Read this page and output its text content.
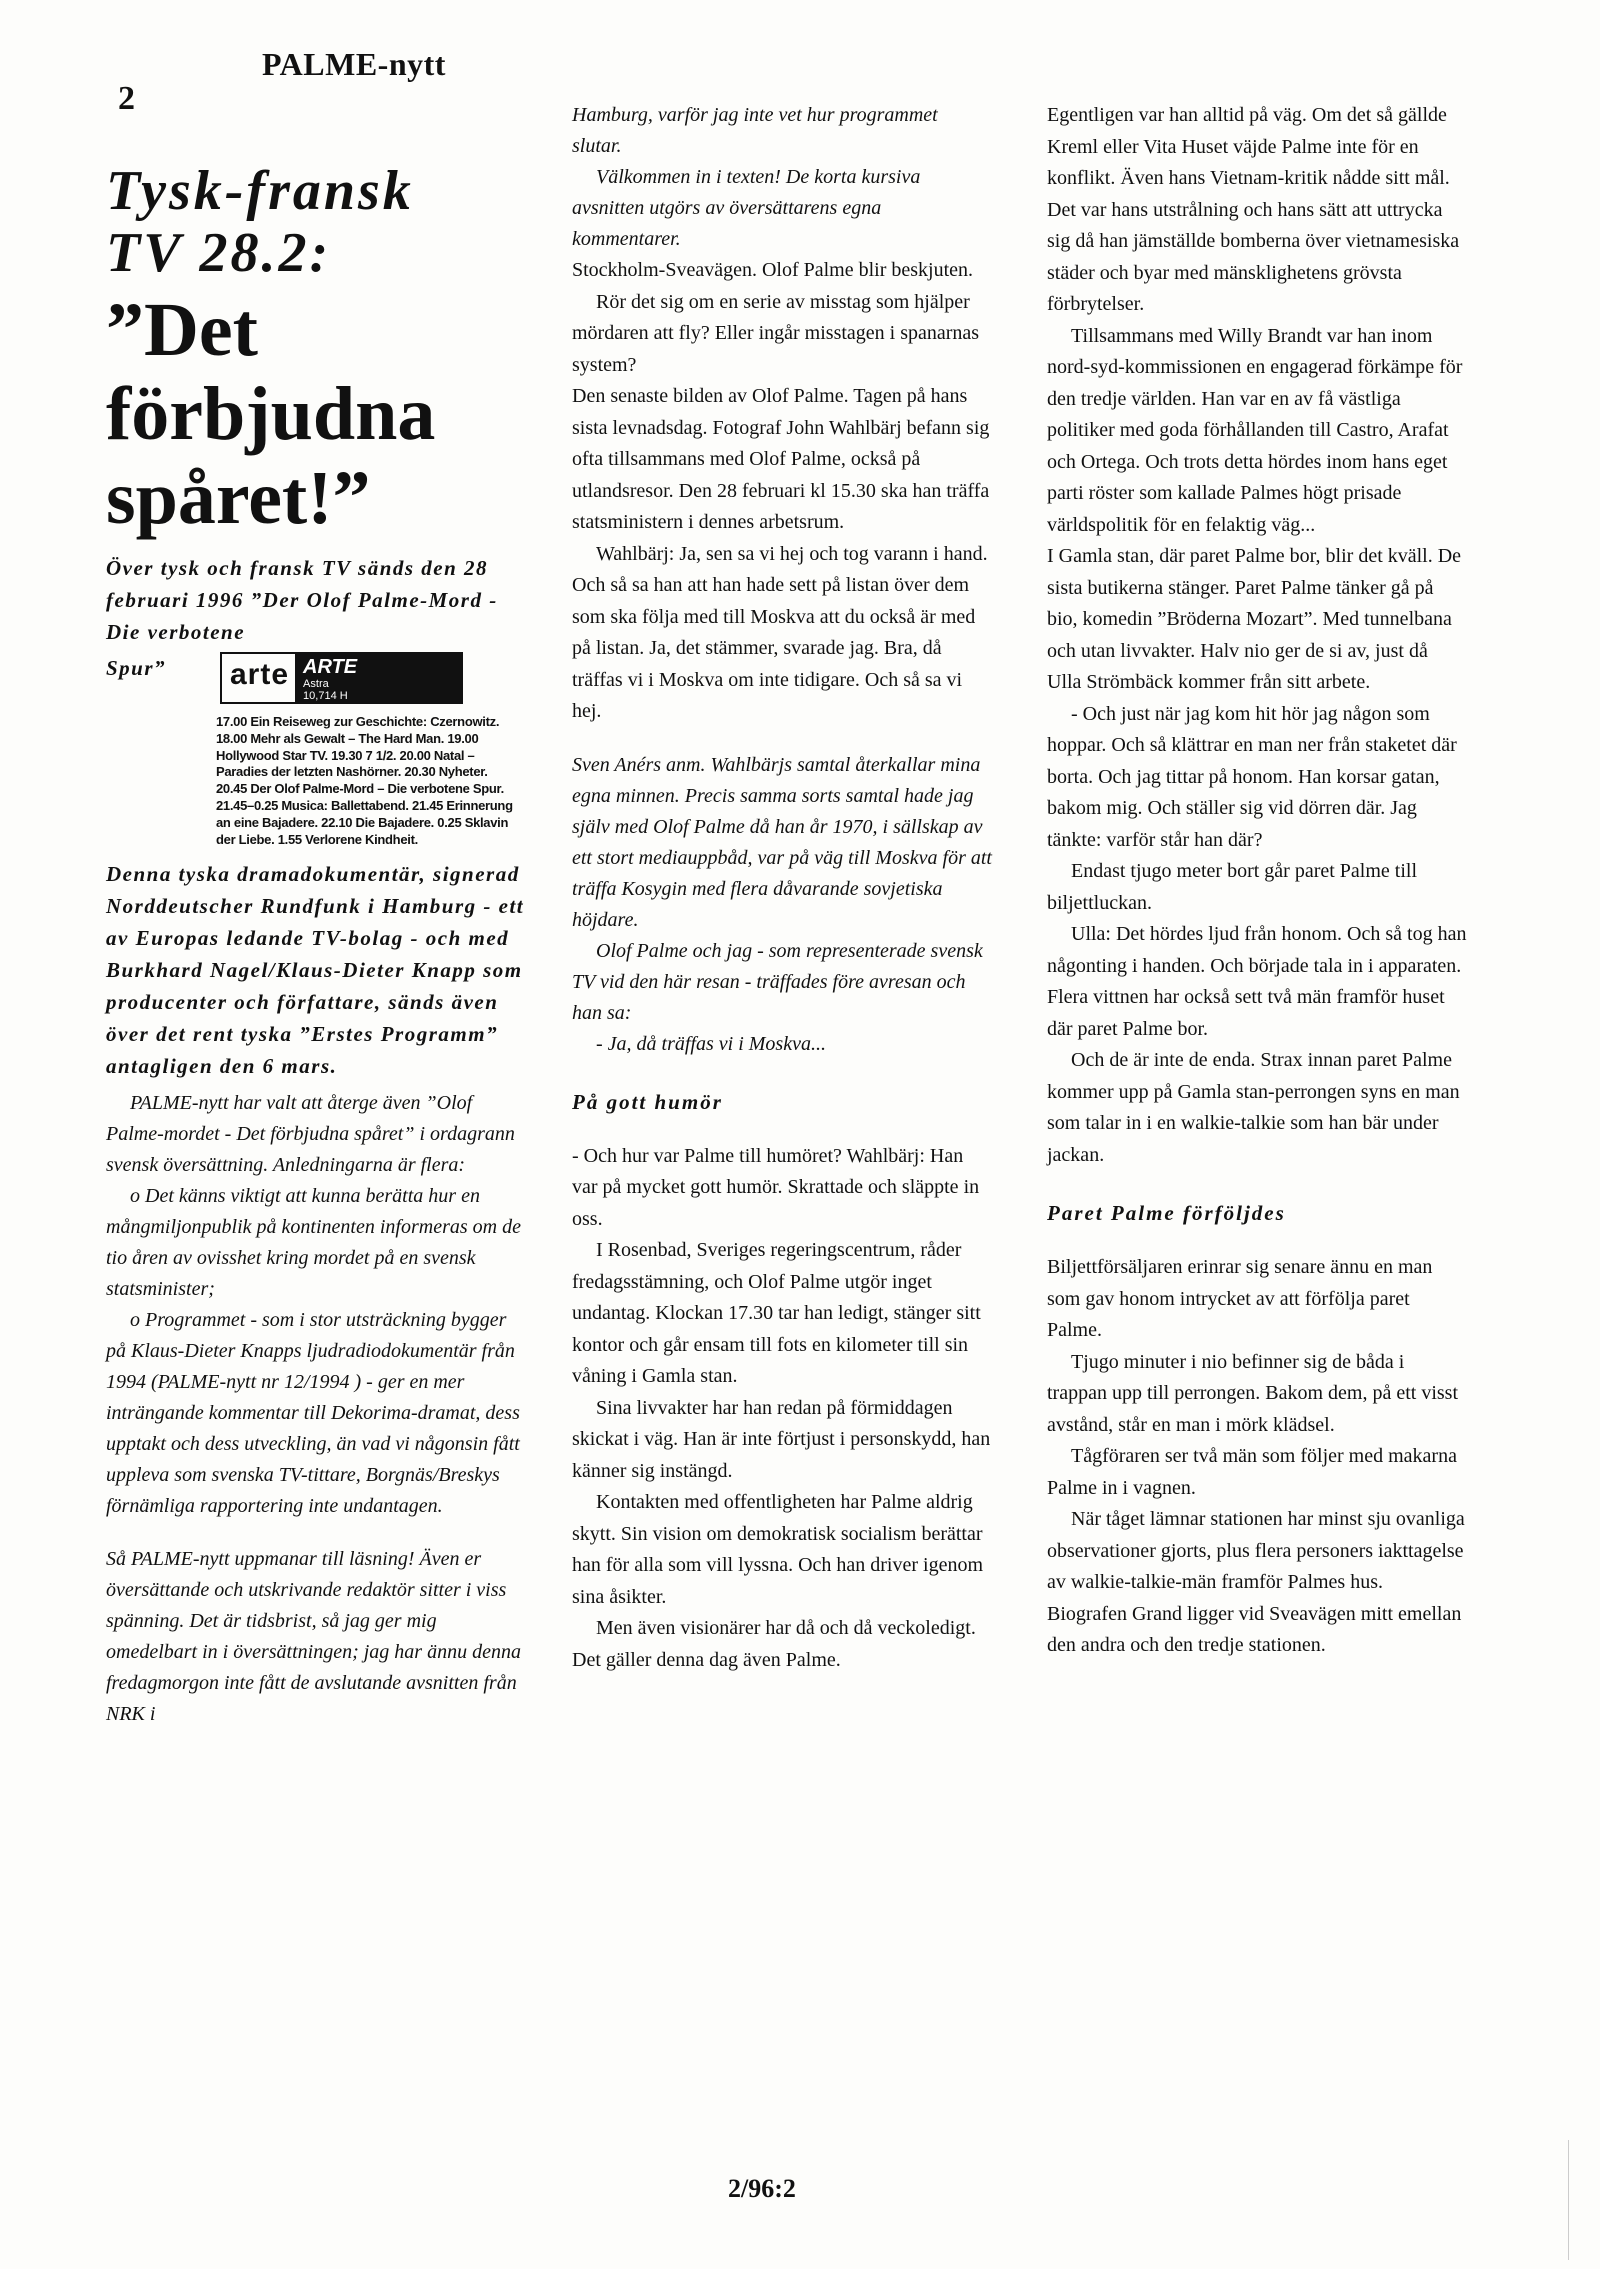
2
PALME-nytt

Tysk-fransk

TV 28.2:

”Det
förbjudna
spåret!”

Över tysk och fransk TV sänds den 28 februari 1996 ”Der Olof Palme-Mord - Die verbotene

Spur”	arte ARTE
Astra
10,714 H
17.00 Ein Reiseweg zur Geschichte: Czernowitz. 18.00 Mehr als Gewalt – The Hard Man. 19.00 Hollywood Star TV. 19.30 7 1/2. 20.00 Natal – Paradies der letzten Nashörner. 20.30 Nyheter. 20.45 Der Olof Palme-Mord – Die verbotene Spur. 21.45–0.25 Musica: Ballettabend. 21.45 Erinnerung an eine Bajadere. 22.10 Die Bajadere. 0.25 Sklavin der Liebe. 1.55 Verlorene Kindheit.

Denna tyska dramadokumentär, signerad Norddeutscher Rundfunk i Hamburg - ett av Europas ledande TV-bolag - och med Burkhard Nagel/Klaus-Dieter Knapp som producenter och författare, sänds även över det rent tyska ”Erstes Programm” antagligen den 6 mars.

PALME-nytt har valt att återge även ”Olof Palme-mordet - Det förbjudna spåret” i ordagrann svensk översättning. Anledningarna är flera:

o Det känns viktigt att kunna berätta hur en mångmiljonpublik på kontinenten informeras om de tio åren av ovisshet kring mordet på en svensk statsminister;

o Programmet - som i stor utsträckning bygger på Klaus-Dieter Knapps ljudradiodokumentär från 1994 (PALME-nytt nr 12/1994 ) - ger en mer inträngande kommentar till Dekorima-dramat, dess upptakt och dess utveckling, än vad vi någonsin fått uppleva som svenska TV-tittare, Borgnäs/Breskys förnämliga rapportering inte undantagen.

Så PALME-nytt uppmanar till läsning! Även er översättande och utskrivande redaktör sitter i viss spänning. Det är tidsbrist, så jag ger mig omedelbart in i översättningen; jag har ännu denna fredagmorgon inte fått de avslutande avsnitten från NRK i

Hamburg, varför jag inte vet hur programmet slutar.

Välkommen in i texten! De korta kursiva avsnitten utgörs av översättarens egna kommentarer.

Stockholm-Sveavägen. Olof Palme blir beskjuten.

Rör det sig om en serie av misstag som hjälper mördaren att fly? Eller ingår misstagen i spanarnas system?

Den senaste bilden av Olof Palme. Tagen på hans sista levnadsdag. Fotograf John Wahlbärj befann sig ofta tillsammans med Olof Palme, också på utlandsresor. Den 28 februari kl 15.30 ska han träffa statsministern i dennes arbetsrum.

Wahlbärj: Ja, sen sa vi hej och tog varann i hand. Och så sa han att han hade sett på listan över dem som ska följa med till Moskva att du också är med på listan. Ja, det stämmer, svarade jag. Bra, då träffas vi i Moskva om inte tidigare. Och så sa vi hej.

Sven Anérs anm. Wahlbärjs samtal återkallar mina egna minnen. Precis samma sorts samtal hade jag själv med Olof Palme då han år 1970, i sällskap av ett stort mediauppbåd, var på väg till Moskva för att träffa Kosygin med flera dåvarande sovjetiska höjdare.

Olof Palme och jag - som representerade svensk TV vid den här resan - träffades före avresan och han sa:

- Ja, då träffas vi i Moskva...

På gott humör

- Och hur var Palme till humöret? Wahlbärj: Han var på mycket gott humör. Skrattade och släppte in oss.

I Rosenbad, Sveriges regeringscentrum, råder fredagsstämning, och Olof Palme utgör inget undantag. Klockan 17.30 tar han ledigt, stänger sitt kontor och går ensam till fots en kilometer till sin våning i Gamla stan.

Sina livvakter har han redan på förmiddagen skickat i väg. Han är inte förtjust i personskydd, han känner sig instängd.

Kontakten med offentligheten har Palme aldrig skytt. Sin vision om demokratisk socialism berättar han för alla som vill lyssna. Och han driver igenom sina åsikter.

Men även visionärer har då och då veckoledigt. Det gäller denna dag även Palme.

Egentligen var han alltid på väg. Om det så gällde Kreml eller Vita Huset väjde Palme inte för en konflikt. Även hans Vietnam-kritik nådde sitt mål. Det var hans utstrålning och hans sätt att uttrycka sig då han jämställde bomberna över vietnamesiska städer och byar med mänsklighetens grövsta förbrytelser.

Tillsammans med Willy Brandt var han inom nord-syd-kommissionen en engagerad förkämpe för den tredje världen. Han var en av få västliga politiker med goda förhållanden till Castro, Arafat och Ortega. Och trots detta hördes inom hans eget parti röster som kallade Palmes högt prisade världspolitik för en felaktig väg...

I Gamla stan, där paret Palme bor, blir det kväll. De sista butikerna stänger. Paret Palme tänker gå på bio, komedin ”Bröderna Mozart”. Med tunnelbana och utan livvakter. Halv nio ger de si av, just då Ulla Strömbäck kommer från sitt arbete.

- Och just när jag kom hit hör jag någon som hoppar. Och så klättrar en man ner från staketet där borta. Och jag tittar på honom. Han korsar gatan, bakom mig. Och ställer sig vid dörren där. Jag tänkte: varför står han där?

Endast tjugo meter bort går paret Palme till biljettluckan.

Ulla: Det hördes ljud från honom. Och så tog han någonting i handen. Och började tala in i apparaten.

Flera vittnen har också sett två män framför huset där paret Palme bor.

Och de är inte de enda. Strax innan paret Palme kommer upp på Gamla stan-perrongen syns en man som talar in i en walkie-talkie som han bär under jackan.

Paret Palme förföljdes

Biljettförsäljaren erinrar sig senare ännu en man som gav honom intrycket av att förfölja paret Palme.

Tjugo minuter i nio befinner sig de båda i trappan upp till perrongen. Bakom dem, på ett visst avstånd, står en man i mörk klädsel.

Tågföraren ser två män som följer med makarna Palme in i vagnen.

När tåget lämnar stationen har minst sju ovanliga observationer gjorts, plus flera personers iakttagelse av walkie-talkie-män framför Palmes hus.

Biografen Grand ligger vid Sveavägen mitt emellan den andra och den tredje stationen.

2/96:2
